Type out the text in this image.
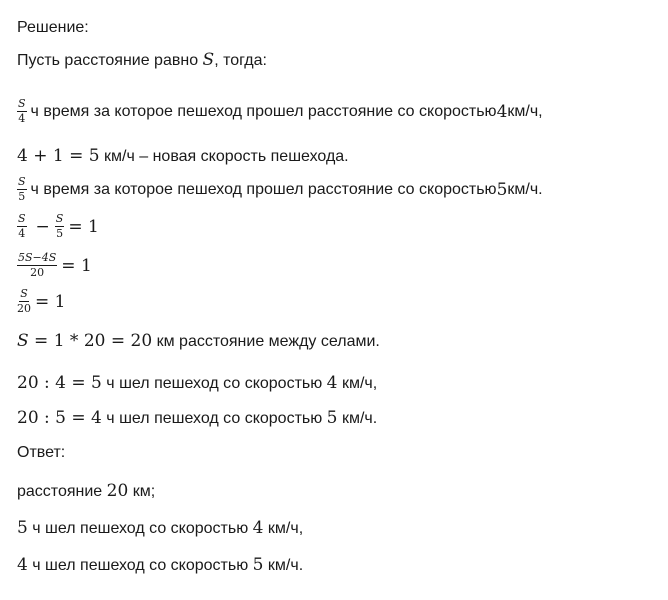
Решение:
Пусть расстояние равно S, тогда:
$\frac{S}{4}$ ч время за которое пешеход прошел расстояние со скоростью 4 км/ч,
4 + 1 = 5 км/ч – новая скорость пешехода.
$\frac{S}{5}$ ч время за которое пешеход прошел расстояние со скоростью 5 км/ч.
$\frac{S}{4} - \frac{S}{5} = 1$
$\frac{5S-4S}{20} = 1$
$\frac{S}{20} = 1$
S = 1 * 20 = 20 км расстояние между селами.
20 : 4 = 5 ч шел пешеход со скоростью 4 км/ч,
20 : 5 = 4 ч шел пешеход со скоростью 5 км/ч.
Ответ:
расстояние 20 км;
5 ч шел пешеход со скоростью 4 км/ч,
4 ч шел пешеход со скоростью 5 км/ч.
